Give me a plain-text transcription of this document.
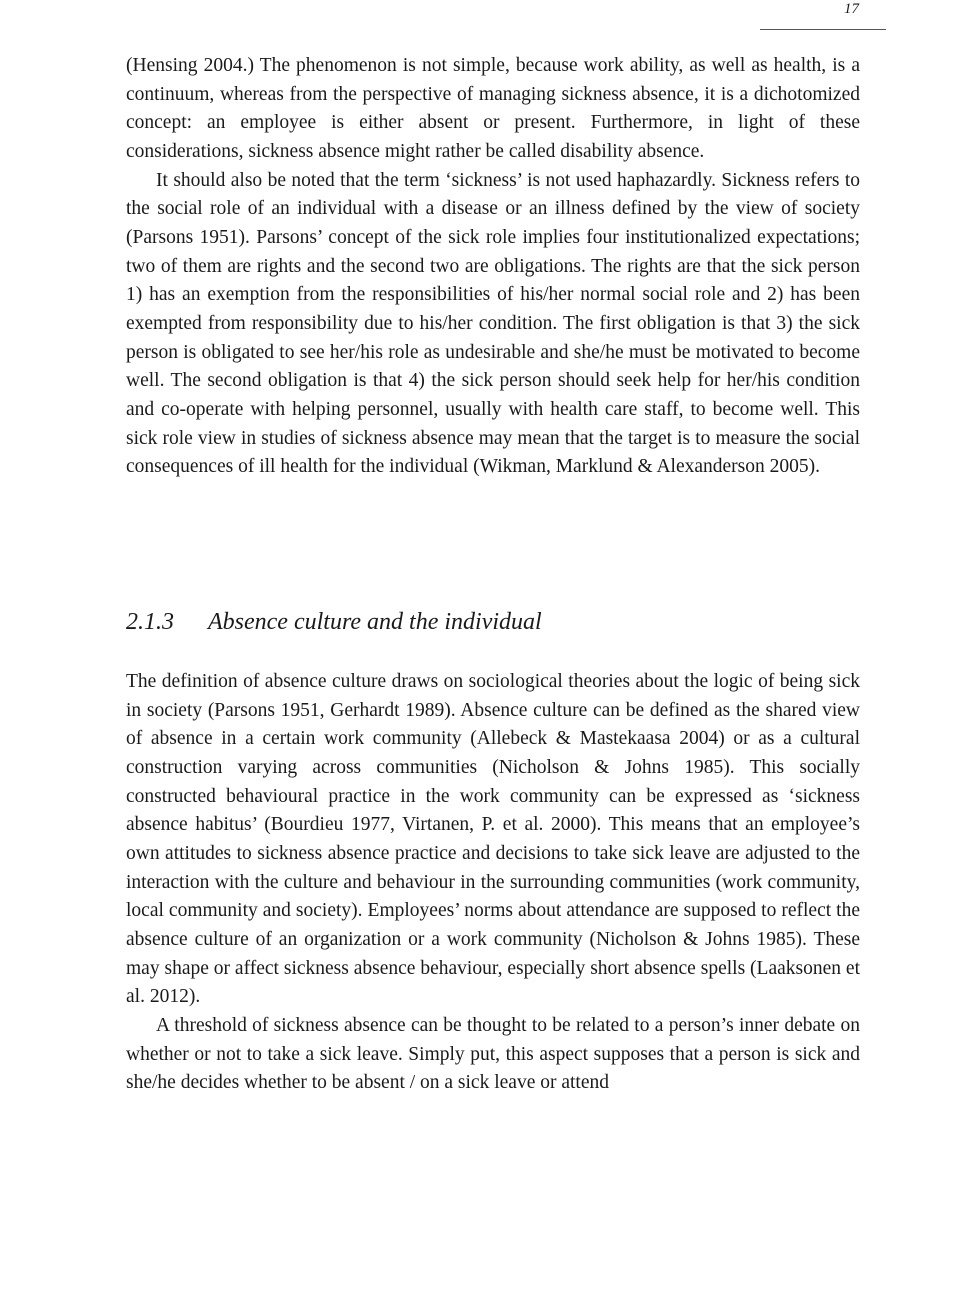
17

(Hensing 2004.) The phenomenon is not simple, because work ability, as well as health, is a continuum, whereas from the perspective of managing sickness absence, it is a dichotomized concept: an employee is either absent or present. Furthermore, in light of these considerations, sickness absence might rather be called disability absence.

It should also be noted that the term ‘sickness’ is not used haphazardly. Sickness refers to the social role of an individual with a disease or an illness defined by the view of society (Parsons 1951). Parsons’ concept of the sick role implies four institutionalized expectations; two of them are rights and the second two are obligations. The rights are that the sick person 1) has an exemption from the responsibilities of his/her normal social role and 2) has been exempted from responsibility due to his/her condition. The first obligation is that 3) the sick person is obligated to see her/his role as undesirable and she/he must be motivated to become well. The second obligation is that 4) the sick person should seek help for her/his condition and co-operate with helping personnel, usually with health care staff, to become well. This sick role view in studies of sickness absence may mean that the target is to measure the social consequences of ill health for the individual (Wikman, Marklund & Alexanderson 2005).

2.1.3 Absence culture and the individual

The definition of absence culture draws on sociological theories about the logic of being sick in society (Parsons 1951, Gerhardt 1989). Absence culture can be defined as the shared view of absence in a certain work community (Allebeck & Mastekaasa 2004) or as a cultural construction varying across communities (Nicholson & Johns 1985). This socially constructed behavioural practice in the work community can be expressed as ‘sickness absence habitus’ (Bourdieu 1977, Virtanen, P. et al. 2000). This means that an employee’s own attitudes to sickness absence practice and decisions to take sick leave are adjusted to the interaction with the culture and behaviour in the surrounding communities (work community, local community and society). Employees’ norms about attendance are supposed to reflect the absence culture of an organization or a work community (Nicholson & Johns 1985). These may shape or affect sickness absence behaviour, especially short absence spells (Laaksonen et al. 2012).

A threshold of sickness absence can be thought to be related to a person’s inner debate on whether or not to take a sick leave. Simply put, this aspect supposes that a person is sick and she/he decides whether to be absent / on a sick leave or attend
